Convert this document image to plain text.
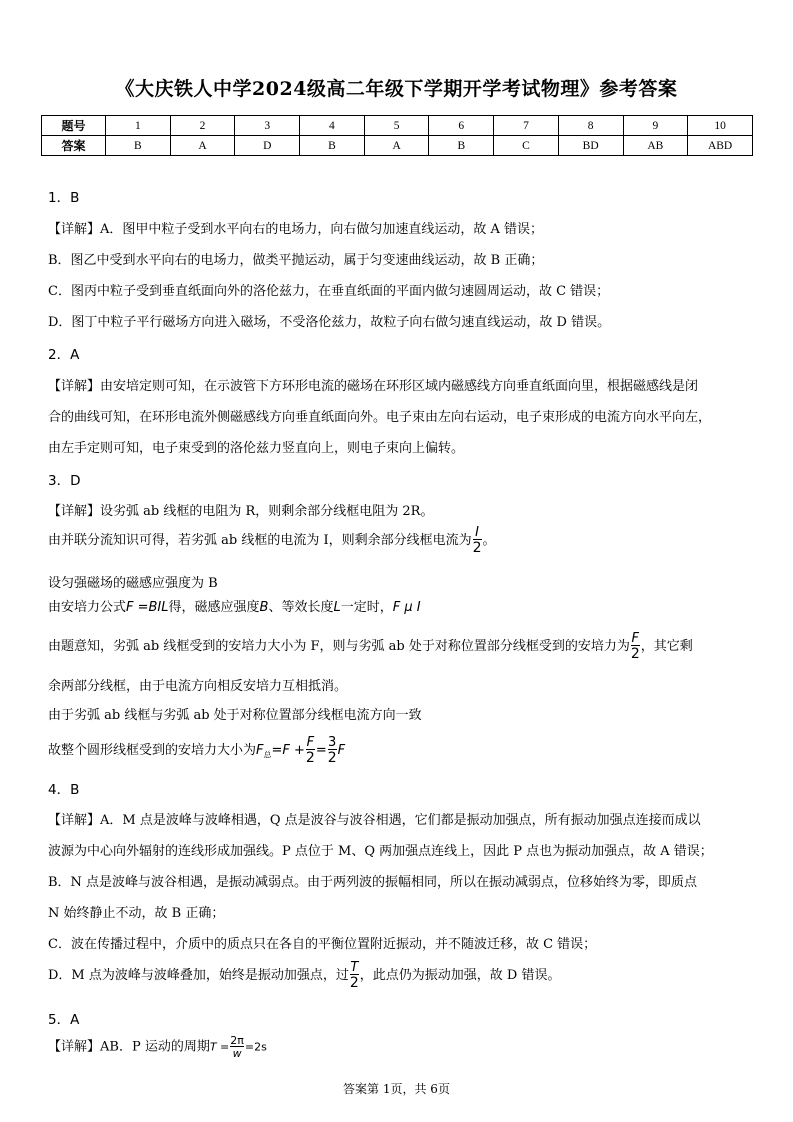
《大庆铁人中学2024级高二年级下学期开学考试物理》参考答案
题号	1	2	3	4	5	6	7	8	9	10
答案	B	A	D	B	A	B	C	BD	AB	ABD
1．B
【详解】A．图甲中粒子受到水平向右的电场力，向右做匀加速直线运动，故 A 错误；
B．图乙中受到水平向右的电场力，做类平抛运动，属于匀变速曲线运动，故 B 正确；
C．图丙中粒子受到垂直纸面向外的洛伦兹力，在垂直纸面的平面内做匀速圆周运动，故 C 错误；
D．图丁中粒子平行磁场方向进入磁场，不受洛伦兹力，故粒子向右做匀速直线运动，故 D 错误。
2．A
【详解】由安培定则可知，在示波管下方环形电流的磁场在环形区域内磁感线方向垂直纸面向里，根据磁感线是闭
合的曲线可知，在环形电流外侧磁感线方向垂直纸面向外。电子束由左向右运动，电子束形成的电流方向水平向左，
由左手定则可知，电子束受到的洛伦兹力竖直向上，则电子束向上偏转。
3．D
【详解】设劣弧 ab 线框的电阻为 R，则剩余部分线框电阻为 2R。
由并联分流知识可得，若劣弧 ab 线框的电流为 I，则剩余部分线框电流为 $\frac{I}{2}$ 。
设匀强磁场的磁感应强度为 B
由安培力公式F =BIL得，磁感应强度B、等效长度L一定时，F µ I
由题意知，劣弧 ab 线框受到的安培力大小为 F，则与劣弧 ab 处于对称位置部分线框受到的安培力为 $\frac{F}{2}$ ，其它剩
余两部分线框，由于电流方向相反安培力互相抵消。
由于劣弧 ab 线框与劣弧 ab 处于对称位置部分线框电流方向一致
故整个圆形线框受到的安培力大小为$F_总=F + \frac{F}{2} = \frac{3}{2}$ F
4．B
【详解】A．M 点是波峰与波峰相遇，Q 点是波谷与波谷相遇，它们都是振动加强点，所有振动加强点连接而成以
波源为中心向外辐射的连线形成加强线。P 点位于 M、Q 两加强点连线上，因此 P 点也为振动加强点，故 A 错误；
B．N 点是波峰与波谷相遇，是振动减弱点。由于两列波的振幅相同，所以在振动减弱点，位移始终为零，即质点
N 始终静止不动，故 B 正确；
C．波在传播过程中，介质中的质点只在各自的平衡位置附近振动，并不随波迁移，故 C 错误；
D．M 点为波峰与波峰叠加，始终是振动加强点，过 $\frac{T}{2}$ ，此点仍为振动加强，故 D 错误。
5．A
【详解】AB．P 运动的周期$T = \frac{2\pi}{w} =2s$
答案第 1页，共 6页
